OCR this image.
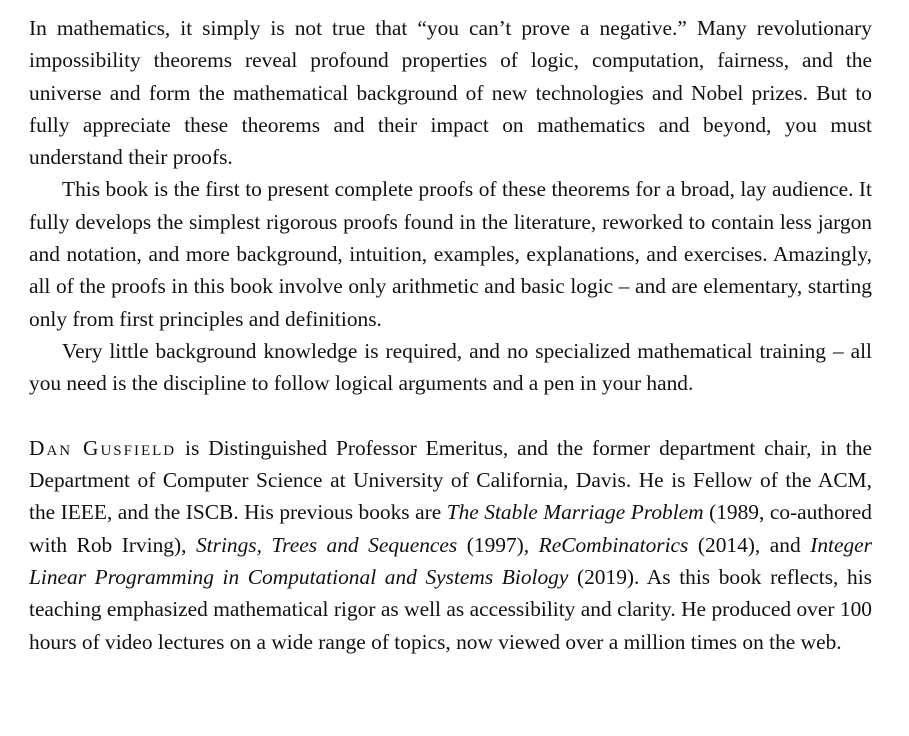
In mathematics, it simply is not true that “you can’t prove a negative.” Many revolutionary impossibility theorems reveal profound properties of logic, computation, fairness, and the universe and form the mathematical background of new technologies and Nobel prizes. But to fully appreciate these theorems and their impact on mathematics and beyond, you must understand their proofs.

This book is the first to present complete proofs of these theorems for a broad, lay audience. It fully develops the simplest rigorous proofs found in the literature, reworked to contain less jargon and notation, and more background, intuition, examples, explanations, and exercises. Amazingly, all of the proofs in this book involve only arithmetic and basic logic – and are elementary, starting only from first principles and definitions.

Very little background knowledge is required, and no specialized mathematical training – all you need is the discipline to follow logical arguments and a pen in your hand.

Dan Gusfield is Distinguished Professor Emeritus, and the former department chair, in the Department of Computer Science at University of California, Davis. He is Fellow of the ACM, the IEEE, and the ISCB. His previous books are The Stable Marriage Problem (1989, co-authored with Rob Irving), Strings, Trees and Sequences (1997), ReCombinatorics (2014), and Integer Linear Programming in Computational and Systems Biology (2019). As this book reflects, his teaching emphasized mathematical rigor as well as accessibility and clarity. He produced over 100 hours of video lectures on a wide range of topics, now viewed over a million times on the web.
